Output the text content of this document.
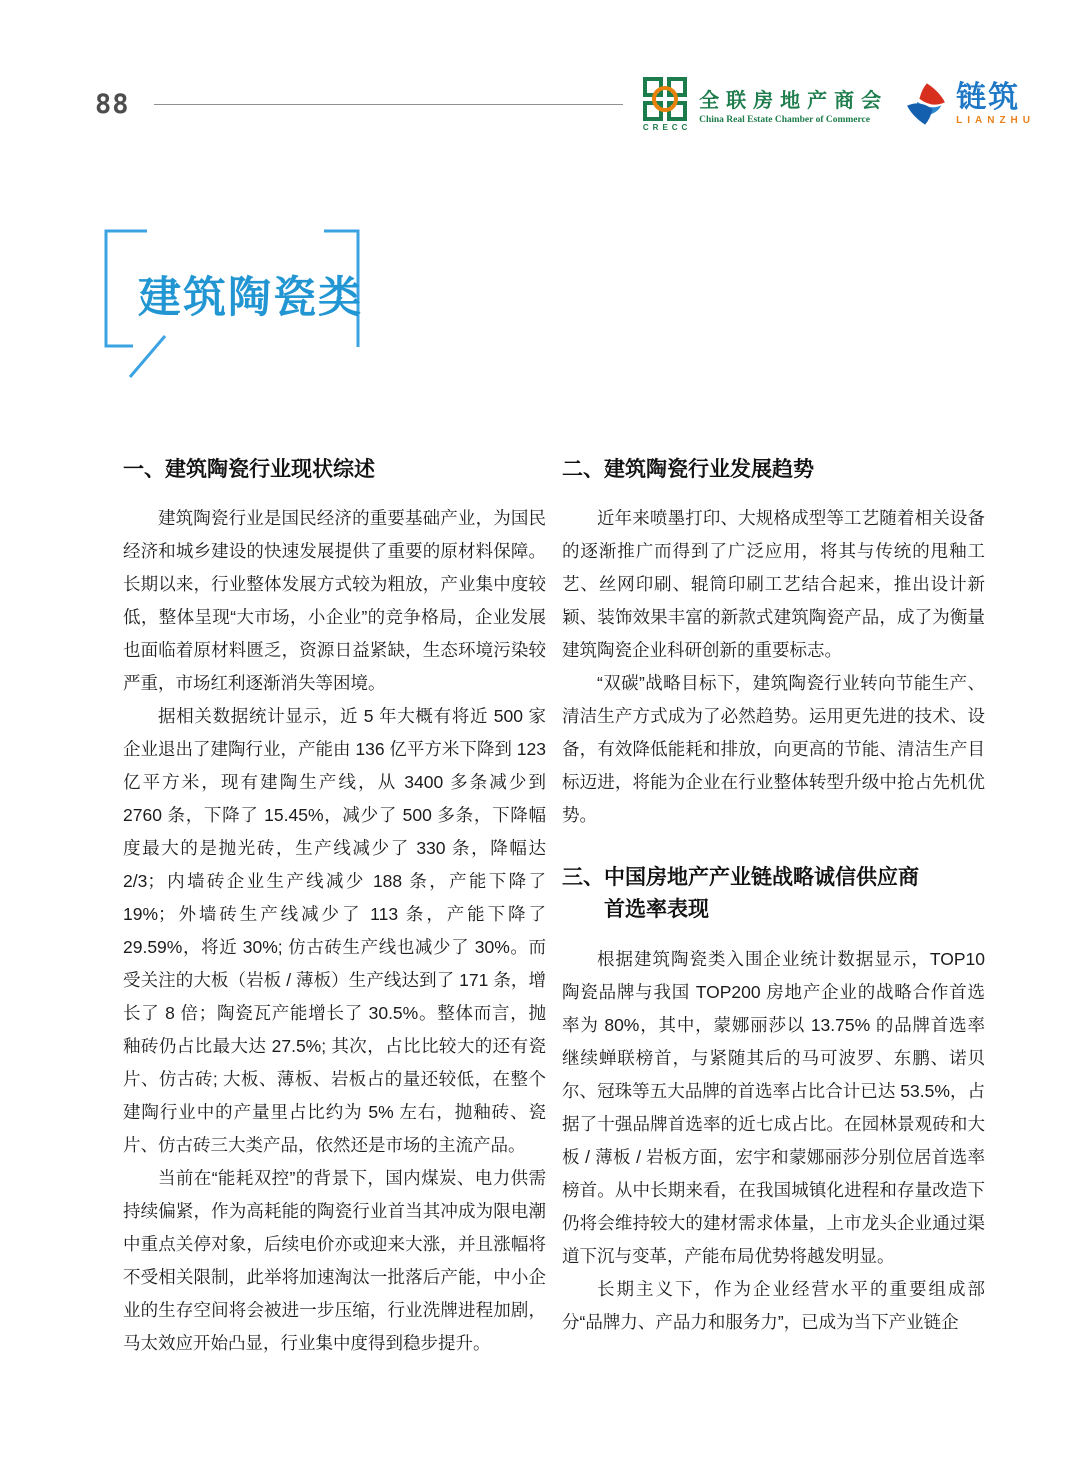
88
CRECC
全联房地产商会
China Real Estate Chamber of Commerce
链筑
LIANZHU
建筑陶瓷类
一、建筑陶瓷行业现状综述

建筑陶瓷行业是国民经济的重要基础产业，为国民经济和城乡建设的快速发展提供了重要的原材料保障。长期以来，行业整体发展方式较为粗放，产业集中度较低，整体呈现“大市场，小企业”的竞争格局，企业发展也面临着原材料匮乏，资源日益紧缺，生态环境污染较严重，市场红利逐渐消失等困境。

据相关数据统计显示，近 5 年大概有将近 500 家企业退出了建陶行业，产能由 136 亿平方米下降到 123 亿平方米，现有建陶生产线，从 3400 多条减少到 2760 条，下降了 15.45%，减少了 500 多条，下降幅度最大的是抛光砖，生产线减少了 330 条，降幅达 2/3；内墙砖企业生产线减少 188 条，产能下降了 19%；外墙砖生产线减少了 113 条，产能下降了 29.59%，将近 30%; 仿古砖生产线也减少了 30%。而受关注的大板（岩板 / 薄板）生产线达到了 171 条，增长了 8 倍；陶瓷瓦产能增长了 30.5%。整体而言，抛釉砖仍占比最大达 27.5%; 其次，占比比较大的还有瓷片、仿古砖; 大板、薄板、岩板占的量还较低，在整个建陶行业中的产量里占比约为 5% 左右，抛釉砖、瓷片、仿古砖三大类产品，依然还是市场的主流产品。

当前在“能耗双控”的背景下，国内煤炭、电力供需持续偏紧，作为高耗能的陶瓷行业首当其冲成为限电潮中重点关停对象，后续电价亦或迎来大涨，并且涨幅将不受相关限制，此举将加速淘汰一批落后产能，中小企业的生存空间将会被进一步压缩，行业洗牌进程加剧，马太效应开始凸显，行业集中度得到稳步提升。

二、建筑陶瓷行业发展趋势

近年来喷墨打印、大规格成型等工艺随着相关设备的逐渐推广而得到了广泛应用，将其与传统的甩釉工艺、丝网印刷、辊筒印刷工艺结合起来，推出设计新颖、装饰效果丰富的新款式建筑陶瓷产品，成了为衡量建筑陶瓷企业科研创新的重要标志。

“双碳”战略目标下，建筑陶瓷行业转向节能生产、清洁生产方式成为了必然趋势。运用更先进的技术、设备，有效降低能耗和排放，向更高的节能、清洁生产目标迈进，将能为企业在行业整体转型升级中抢占先机优势。

三、 中国房地产产业链战略诚信供应商
首选率表现

根据建筑陶瓷类入围企业统计数据显示，TOP10 陶瓷品牌与我国 TOP200 房地产企业的战略合作首选率为 80%，其中，蒙娜丽莎以 13.75% 的品牌首选率继续蝉联榜首，与紧随其后的马可波罗、东鹏、诺贝尔、冠珠等五大品牌的首选率占比合计已达 53.5%，占据了十强品牌首选率的近七成占比。在园林景观砖和大板 / 薄板 / 岩板方面，宏宇和蒙娜丽莎分别位居首选率榜首。从中长期来看，在我国城镇化进程和存量改造下仍将会维持较大的建材需求体量，上市龙头企业通过渠道下沉与变革，产能布局优势将越发明显。

长期主义下，作为企业经营水平的重要组成部分“品牌力、产品力和服务力”，已成为当下产业链企
